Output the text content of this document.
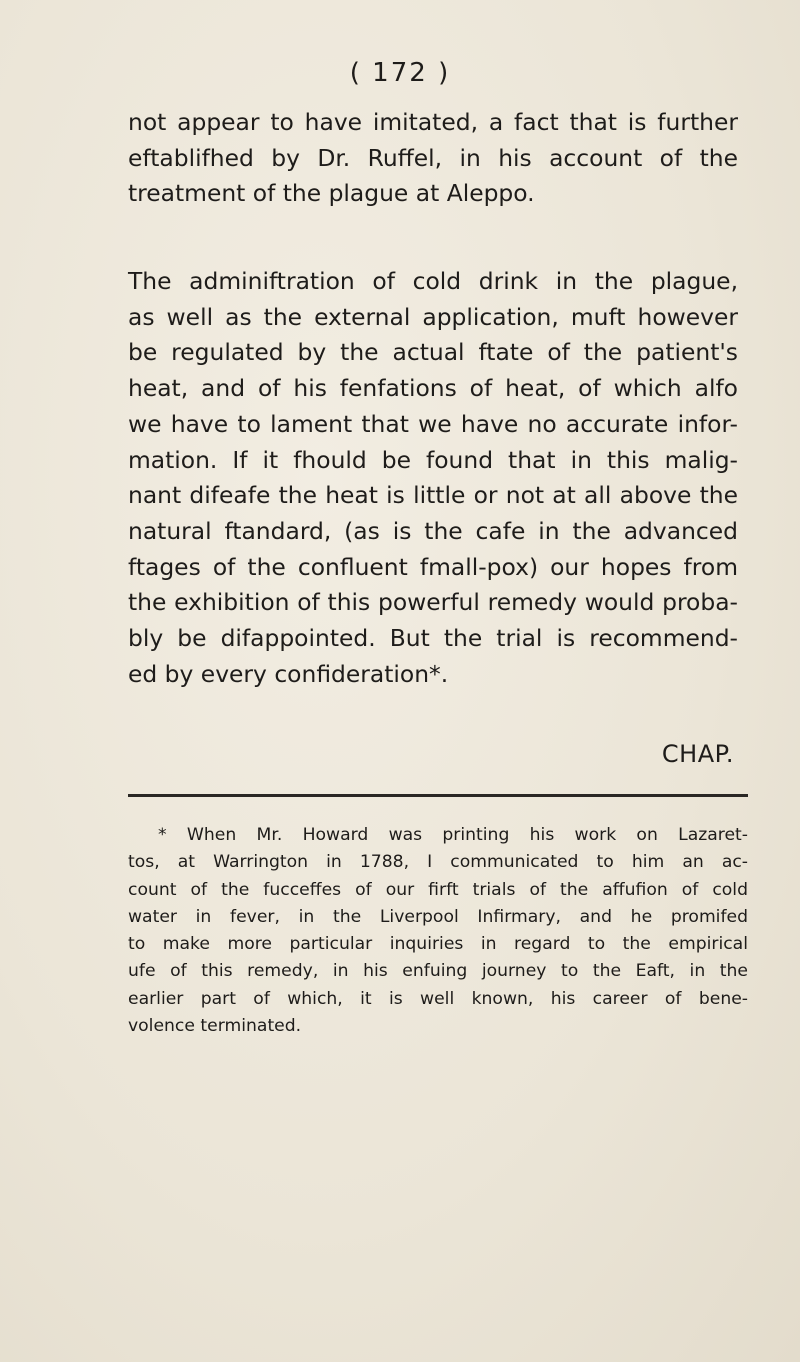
( 172 )

not appear to have imitated, a fact that is further
eftablifhed by Dr. Ruffel, in his account of the
treatment of the plague at Aleppo.

The adminiftration of cold drink in the plague,
as well as the external application, muft however
be regulated by the actual ftate of the patient's
heat, and of his fenfations of heat, of which alfo
we have to lament that we have no accurate infor-
mation. If it fhould be found that in this malig-
nant difeafe the heat is little or not at all above the
natural ftandard, (as is the cafe in the advanced
ftages of the confluent fmall-pox) our hopes from
the exhibition of this powerful remedy would proba-
bly be difappointed. But the trial is recommend-
ed by every confideration*.

CHAP.

* When Mr. Howard was printing his work on Lazaret-
tos, at Warrington in 1788, I communicated to him an ac-
count of the fucceffes of our firft trials of the affufion of cold
water in fever, in the Liverpool Infirmary, and he promifed
to make more particular inquiries in regard to the empirical
ufe of this remedy, in his enfuing journey to the Eaft, in the
earlier part of which, it is well known, his career of bene-
volence terminated.
